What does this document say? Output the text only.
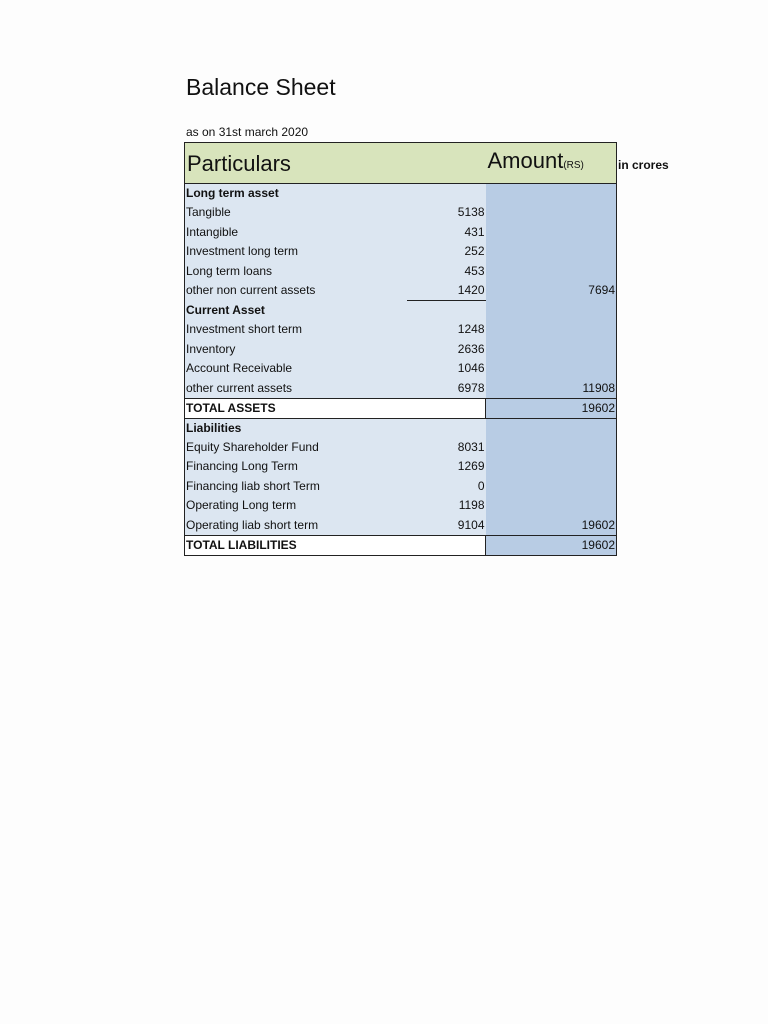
Balance Sheet
as on 31st march 2020
in crores
Particulars		Amount(RS)
Long term asset		
Tangible	5138	
Intangible	431	
Investment long term	252	
Long term loans	453	
other non current assets	1420	7694
Current Asset		
Investment short term	1248	
Inventory	2636	
Account Receivable	1046	
other current assets	6978	11908
TOTAL ASSETS		19602
Liabilities		
Equity Shareholder Fund	8031	
Financing Long Term	1269	
Financing liab short Term	0	
Operating Long term	1198	
Operating liab short term	9104	19602
TOTAL LIABILITIES		19602
